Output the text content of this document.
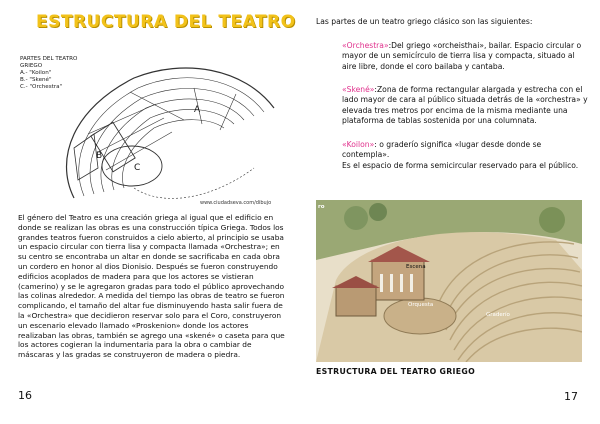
ESTRUCTURA DEL TEATRO
A
B
C
PARTES DEL TEATRO
GRIEGO
A.- "Koilon"
B.- "Skené"
C.- "Orchestra"
www.ciudadseva.com/dibujo

El género del Teatro es una creación griega al igual que el edificio en donde se realizan las obras es una construcción típica Griega. Todos los grandes teatros fueron construidos a cielo abierto, al principio se usaba un espacio circular con tierra lisa y compacta llamada «Orchestra»; en su centro se encontraba un altar en donde se sacrificaba en cada obra un cordero en honor al dios Dionisio. Después se fueron construyendo edificios acoplados de madera para que los actores se vistieran (camerino) y se le agregaron gradas para todo el público aprovechando las colinas alrededor. A medida del tiempo las obras de teatro se fueron complicando, el tamaño del altar fue disminuyendo hasta salir fuera de la «Orchestra» que decidieron reservar solo para el Coro, construyeron un escenario elevado llamado «Proskenion» donde los actores realizaban las obras, también se agrego una «skené» o caseta para que los actores cogieran la indumentaria para la obra o cambiar de máscaras y las gradas se construyeron de madera o piedra.

16
Las partes de un teatro griego clásico son las siguientes:
«Orchestra»:Del griego «orcheisthai», bailar. Espacio circular o mayor de un semicírculo de tierra lisa y compacta, situado al aire libre, donde el coro bailaba y cantaba.
«Skené»:Zona de forma rectangular alargada y estrecha con el lado mayor de cara al público situada detrás de la «orchestra» y elevada tres metros por encima de la misma mediante una plataforma de tablas sostenida por una columnata.
«Koilon»: o graderío significa «lugar desde donde se contempla».
Es el espacio de forma semicircular reservado para el público.
ro
Escena
Orquesta
Graderío
ESTRUCTURA DEL TEATRO GRIEGO
17
